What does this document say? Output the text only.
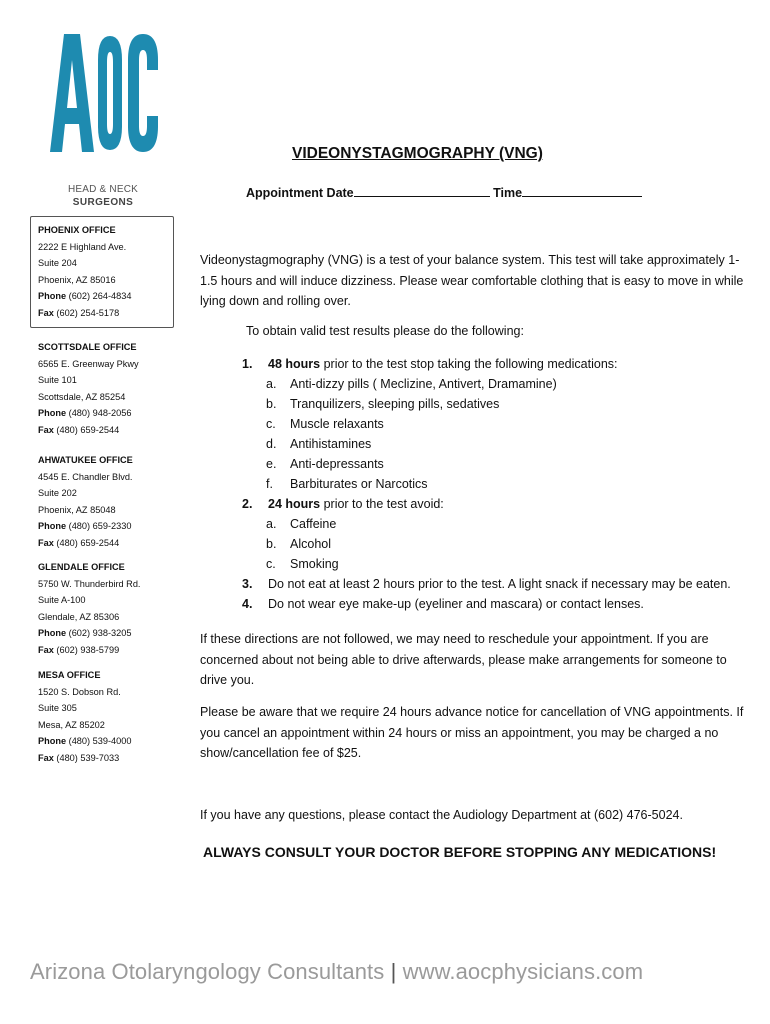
HEAD & NECK
SURGEONS
PHOENIX OFFICE
2222 E Highland Ave.
Suite 204
Phoenix, AZ 85016
Phone (602) 264-4834
Fax (602) 254-5178
SCOTTSDALE OFFICE
6565 E. Greenway Pkwy
Suite 101
Scottsdale, AZ 85254
Phone (480) 948-2056
Fax (480) 659-2544
AHWATUKEE OFFICE
4545 E. Chandler Blvd.
Suite 202
Phoenix, AZ 85048
Phone (480) 659-2330
Fax (480) 659-2544
GLENDALE OFFICE
5750 W. Thunderbird Rd.
Suite A-100
Glendale, AZ 85306
Phone (602) 938-3205
Fax (602) 938-5799
MESA OFFICE
1520 S. Dobson Rd.
Suite 305
Mesa, AZ 85202
Phone (480) 539-4000
Fax (480) 539-7033
VIDEONYSTAGMOGRAPHY (VNG)
Appointment Date	Time
Videonystagmography (VNG) is a test of your balance system. This test will take approximately 1-1.5 hours and will induce dizziness. Please wear comfortable clothing that is easy to move in while lying down and rolling over.
To obtain valid test results please do the following:
1.	48 hours prior to the test stop taking the following medications:
a. Anti-dizzy pills ( Meclizine, Antivert, Dramamine)
b. Tranquilizers, sleeping pills, sedatives
c. Muscle relaxants
d. Antihistamines
e. Anti-depressants
f. Barbiturates or Narcotics
2.	24 hours prior to the test avoid:
a. Caffeine
b. Alcohol
c. Smoking
3.	Do not eat at least 2 hours prior to the test. A light snack if necessary may be eaten.
4.	Do not wear eye make-up (eyeliner and mascara) or contact lenses.
If these directions are not followed, we may need to reschedule your appointment. If you are concerned about not being able to drive afterwards, please make arrangements for someone to drive you.
Please be aware that we require 24 hours advance notice for cancellation of VNG appointments. If you cancel an appointment within 24 hours or miss an appointment, you may be charged a no show/cancellation fee of $25.
If you have any questions, please contact the Audiology Department at (602) 476-5024.
ALWAYS CONSULT YOUR DOCTOR BEFORE STOPPING ANY MEDICATIONS!
Arizona Otolaryngology Consultants | www.aocphysicians.com
